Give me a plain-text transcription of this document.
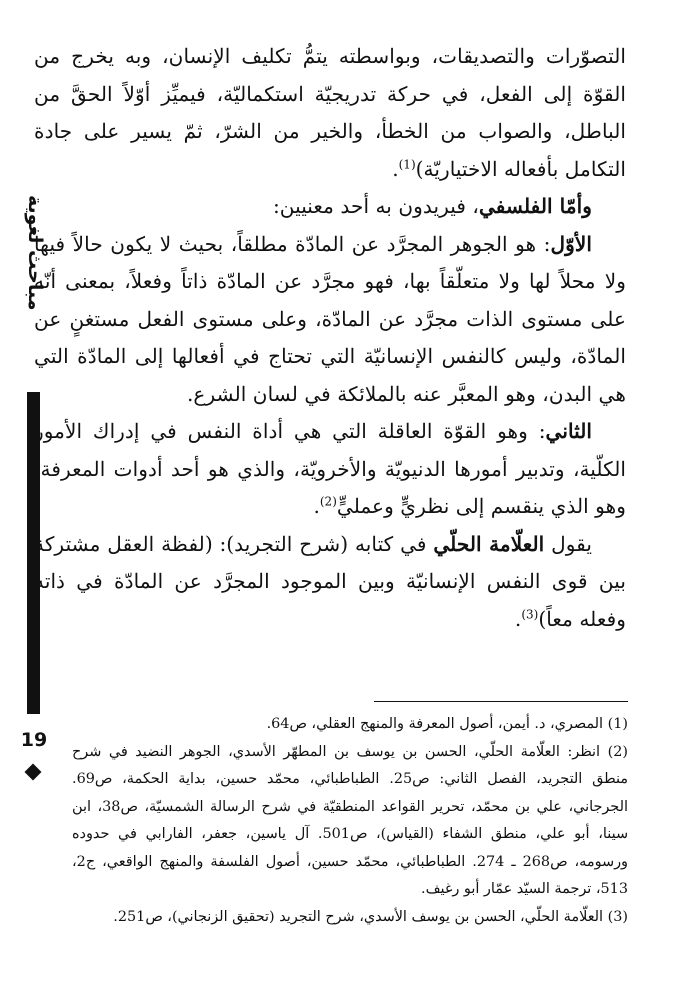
مباحث لغوية
19

التصوّرات والتصديقات، وبواسطته يتمُّ تكليف الإنسان، وبه يخرج من القوّة إلى الفعل، في حركة تدريجيّة استكماليّة، فيميِّز أوّلاً الحقَّ من الباطل، والصواب من الخطأ، والخير من الشرّ، ثمّ يسير على جادة التكامل بأفعاله الاختياريّة)$^{(1)}$.

وأمّا الفلسفي، فيريدون به أحد معنيين:

الأوّل: هو الجوهر المجرَّد عن المادّة مطلقاً، بحيث لا يكون حالاً فيها ولا محلاً لها ولا متعلّقاً بها، فهو مجرَّد عن المادّة ذاتاً وفعلاً، بمعنى أنّه على مستوى الذات مجرَّد عن المادّة، وعلى مستوى الفعل مستغنٍ عن المادّة، وليس كالنفس الإنسانيّة التي تحتاج في أفعالها إلى المادّة التي هي البدن، وهو المعبَّر عنه بالملائكة في لسان الشرع.

الثاني: وهو القوّة العاقلة التي هي أداة النفس في إدراك الأمور الكلّية، وتدبير أمورها الدنيويّة والأخرويّة، والذي هو أحد أدوات المعرفة، وهو الذي ينقسم إلى نظريٍّ وعمليٍّ$^{(2)}$.

يقول العلّامة الحلّي في كتابه (شرح التجريد): (لفظة العقل مشتركة بين قوى النفس الإنسانيّة وبين الموجود المجرَّد عن المادّة في ذاته وفعله معاً)$^{(3)}$.

(1) المصري، د. أيمن، أصول المعرفة والمنهج العقلي، ص64.

(2) انظر: العلّامة الحلّي، الحسن بن يوسف بن المطهّر الأسدي، الجوهر النضيد في شرح منطق التجريد، الفصل الثاني: ص25. الطباطبائي، محمّد حسين، بداية الحكمة، ص69. الجرجاني، علي بن محمّد، تحرير القواعد المنطقيّة في شرح الرسالة الشمسيّة، ص38، ابن سينا، أبو علي، منطق الشفاء (القياس)، ص501. آل ياسين، جعفر، الفارابي في حدوده ورسومه، ص268 ـ 274. الطباطبائي، محمّد حسين، أصول الفلسفة والمنهج الواقعي، ج2، 513، ترجمة السيّد عمّار أبو رغيف.

(3) العلّامة الحلّي، الحسن بن يوسف الأسدي، شرح التجريد (تحقيق الزنجاني)، ص251.
